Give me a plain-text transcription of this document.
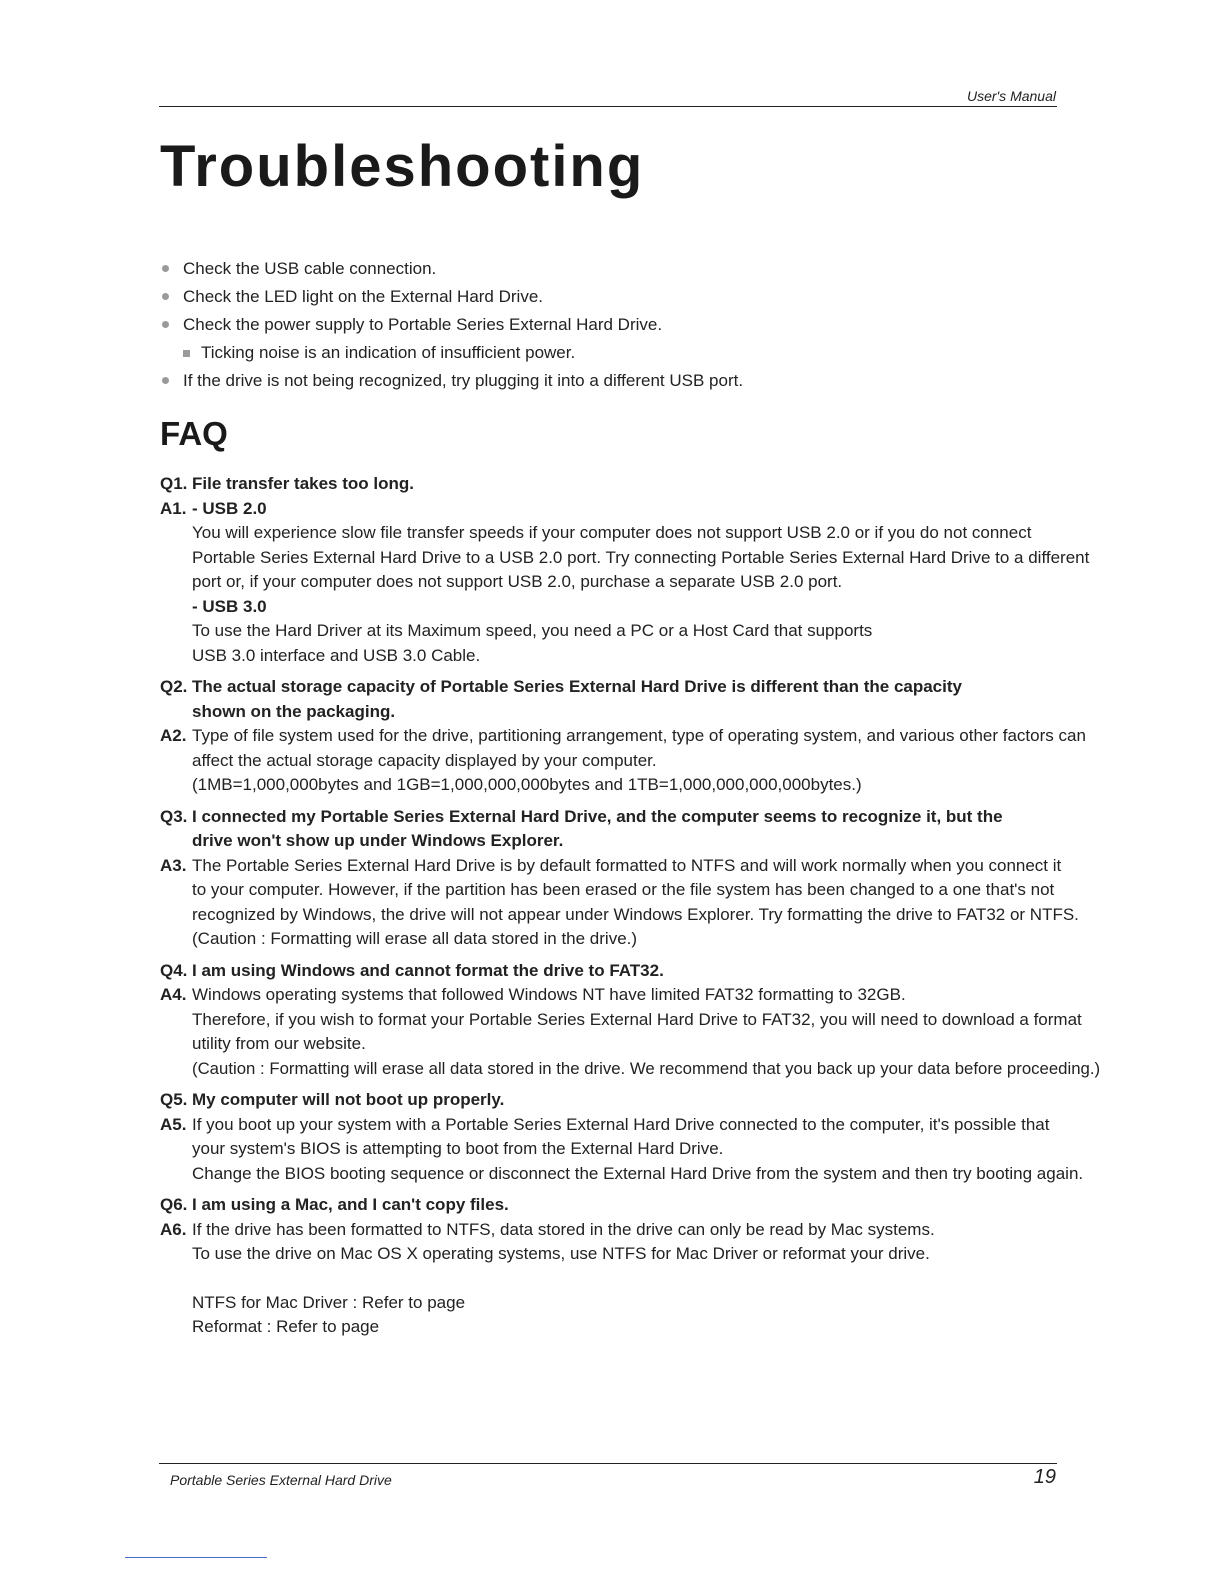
User's Manual
Troubleshooting
Check the USB cable connection.
Check the LED light on the External Hard Drive.
Check the power supply to Portable Series External Hard Drive.
Ticking noise is an indication of insufficient power.
If the drive is not being recognized, try plugging it into a different USB port.
FAQ
Q1. File transfer takes too long.
A1. - USB 2.0
You will experience slow file transfer speeds if your computer does not support USB 2.0 or if you do not connect
Portable Series External Hard Drive to a USB 2.0 port. Try connecting Portable Series External Hard Drive to a different
port or, if your computer does not support USB 2.0, purchase a separate USB 2.0 port.
- USB 3.0
To use the Hard Driver at its Maximum speed, you need a PC or a Host Card that supports
USB 3.0 interface and USB 3.0 Cable.
Q2. The actual storage capacity of Portable Series External Hard Drive is different than the capacity
shown on the packaging.
A2. Type of file system used for the drive, partitioning arrangement, type of operating system, and various other factors can
affect the actual storage capacity displayed by your computer.
(1MB=1,000,000bytes and 1GB=1,000,000,000bytes and 1TB=1,000,000,000,000bytes.)
Q3. I connected my Portable Series External Hard Drive, and the computer seems to recognize it, but the
drive won't show up under Windows Explorer.
A3. The Portable Series External Hard Drive is by default formatted to NTFS and will work normally when you connect it
to your computer. However, if the partition has been erased or the file system has been changed to a one that's not
recognized by Windows, the drive will not appear under Windows Explorer. Try formatting the drive to FAT32 or NTFS.
(Caution : Formatting will erase all data stored in the drive.)
Q4. I am using Windows and cannot format the drive to FAT32.
A4. Windows operating systems that followed Windows NT have limited FAT32 formatting to 32GB.
Therefore, if you wish to format your Portable Series External Hard Drive to FAT32, you will need to download a format
utility from our website.
(Caution : Formatting will erase all data stored in the drive. We recommend that you back up your data before proceeding.)
Q5. My computer will not boot up properly.
A5. If you boot up your system with a Portable Series External Hard Drive connected to the computer, it's possible that
your system's BIOS is attempting to boot from the External Hard Drive.
Change the BIOS booting sequence or disconnect the External Hard Drive from the system and then try booting again.
Q6. I am using a Mac, and I can't copy files.
A6. If the drive has been formatted to NTFS, data stored in the drive can only be read by Mac systems.
To use the drive on Mac OS X operating systems, use NTFS for Mac Driver or reformat your drive.
NTFS for Mac Driver : Refer to page
Reformat : Refer to page
Portable Series External Hard Drive	19
